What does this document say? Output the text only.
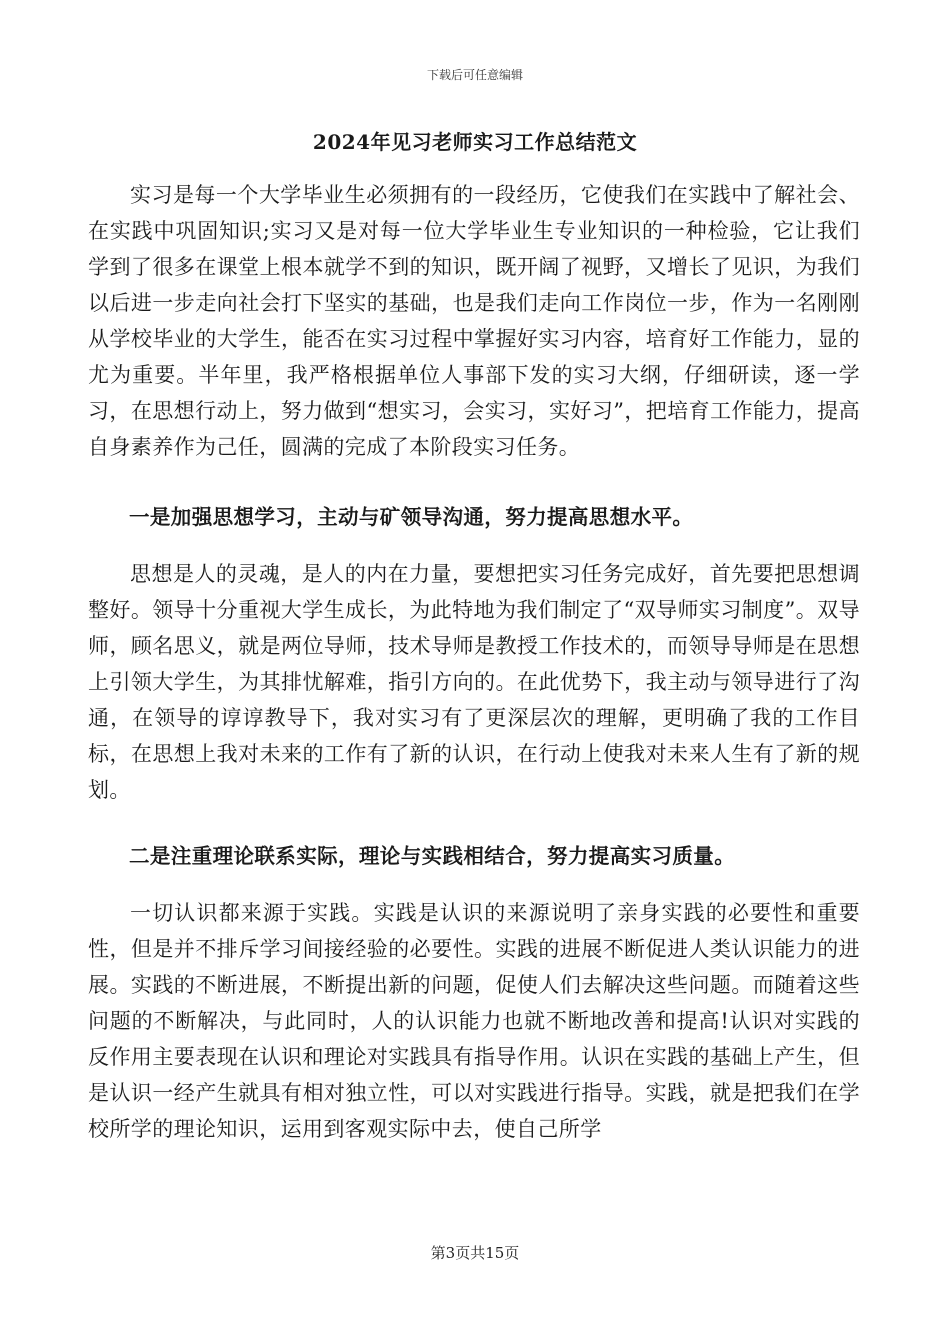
下载后可任意编辑
2024年见习老师实习工作总结范文

实习是每一个大学毕业生必须拥有的一段经历，它使我们在实践中了解社会、在实践中巩固知识;实习又是对每一位大学毕业生专业知识的一种检验，它让我们学到了很多在课堂上根本就学不到的知识，既开阔了视野，又增长了见识，为我们以后进一步走向社会打下坚实的基础，也是我们走向工作岗位一步，作为一名刚刚从学校毕业的大学生，能否在实习过程中掌握好实习内容，培育好工作能力，显的尤为重要。半年里，我严格根据单位人事部下发的实习大纲，仔细研读，逐一学习，在思想行动上，努力做到“想实习，会实习，实好习”，把培育工作能力，提高自身素养作为己任，圆满的完成了本阶段实习任务。

一是加强思想学习，主动与矿领导沟通，努力提高思想水平。

思想是人的灵魂，是人的内在力量，要想把实习任务完成好，首先要把思想调整好。领导十分重视大学生成长，为此特地为我们制定了“双导师实习制度”。双导师，顾名思义，就是两位导师，技术导师是教授工作技术的，而领导导师是在思想上引领大学生，为其排忧解难，指引方向的。在此优势下，我主动与领导进行了沟通，在领导的谆谆教导下，我对实习有了更深层次的理解，更明确了我的工作目标，在思想上我对未来的工作有了新的认识，在行动上使我对未来人生有了新的规划。

二是注重理论联系实际，理论与实践相结合，努力提高实习质量。

一切认识都来源于实践。实践是认识的来源说明了亲身实践的必要性和重要性，但是并不排斥学习间接经验的必要性。实践的进展不断促进人类认识能力的进展。实践的不断进展，不断提出新的问题，促使人们去解决这些问题。而随着这些问题的不断解决，与此同时，人的认识能力也就不断地改善和提高!认识对实践的反作用主要表现在认识和理论对实践具有指导作用。认识在实践的基础上产生，但是认识一经产生就具有相对独立性，可以对实践进行指导。实践，就是把我们在学校所学的理论知识，运用到客观实际中去，使自己所学

第3页共15页
